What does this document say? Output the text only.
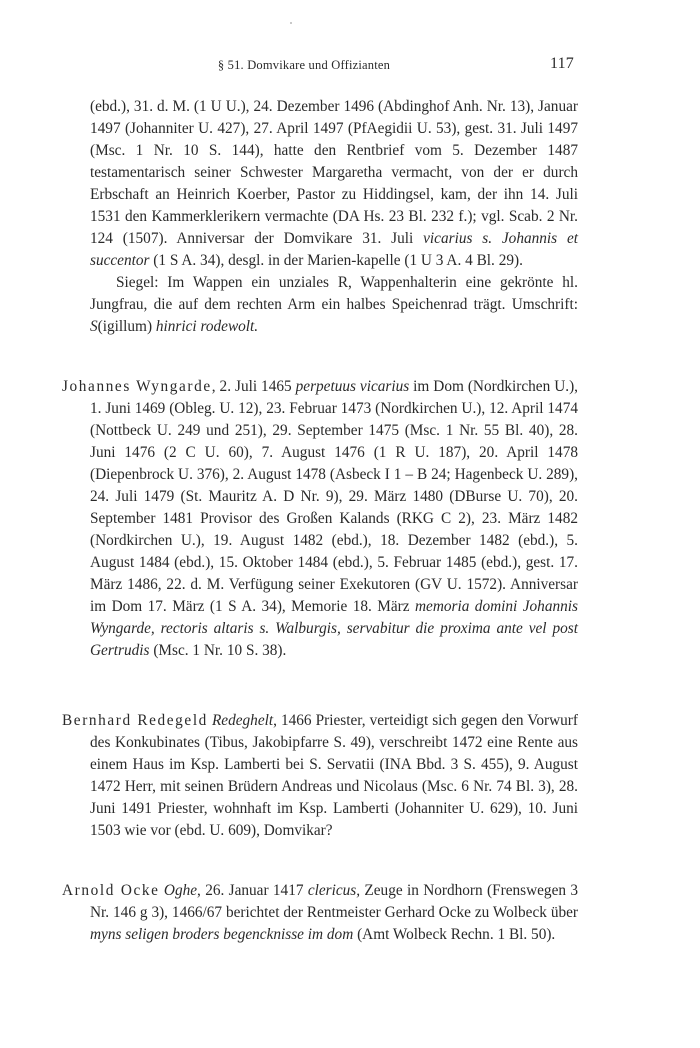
§ 51. Domvikare und Offizianten	117
(ebd.), 31. d. M. (1 U U.), 24. Dezember 1496 (Abdinghof Anh. Nr. 13), Januar 1497 (Johanniter U. 427), 27. April 1497 (PfAegidii U. 53), gest. 31. Juli 1497 (Msc. 1 Nr. 10 S. 144), hatte den Rentbrief vom 5. Dezember 1487 testamentarisch seiner Schwester Margaretha vermacht, von der er durch Erbschaft an Heinrich Koerber, Pastor zu Hiddingsel, kam, der ihn 14. Juli 1531 den Kammerklerikern vermachte (DA Hs. 23 Bl. 232 f.); vgl. Scab. 2 Nr. 124 (1507). Anniversar der Domvikare 31. Juli vicarius s. Johannis et succentor (1 S A. 34), desgl. in der Marien-kapelle (1 U 3 A. 4 Bl. 29).
Siegel: Im Wappen ein unziales R, Wappenhalterin eine gekrönte hl. Jungfrau, die auf dem rechten Arm ein halbes Speichenrad trägt. Umschrift: S(igillum) hinrici rodewolt.
Johannes Wyngarde, 2. Juli 1465 perpetuus vicarius im Dom (Nordkirchen U.), 1. Juni 1469 (Obleg. U. 12), 23. Februar 1473 (Nordkirchen U.), 12. April 1474 (Nottbeck U. 249 und 251), 29. September 1475 (Msc. 1 Nr. 55 Bl. 40), 28. Juni 1476 (2 C U. 60), 7. August 1476 (1 R U. 187), 20. April 1478 (Diepenbrock U. 376), 2. August 1478 (Asbeck I 1 – B 24; Hagenbeck U. 289), 24. Juli 1479 (St. Mauritz A. D Nr. 9), 29. März 1480 (DBurse U. 70), 20. September 1481 Provisor des Großen Kalands (RKG C 2), 23. März 1482 (Nordkirchen U.), 19. August 1482 (ebd.), 18. Dezember 1482 (ebd.), 5. August 1484 (ebd.), 15. Oktober 1484 (ebd.), 5. Februar 1485 (ebd.), gest. 17. März 1486, 22. d. M. Verfügung seiner Exekutoren (GV U. 1572). Anniversar im Dom 17. März (1 S A. 34), Memorie 18. März memoria domini Johannis Wyngarde, rectoris altaris s. Walburgis, servabitur die proxima ante vel post Gertrudis (Msc. 1 Nr. 10 S. 38).
Bernhard Redegeld Redeghelt, 1466 Priester, verteidigt sich gegen den Vorwurf des Konkubinates (Tibus, Jakobipfarre S. 49), verschreibt 1472 eine Rente aus einem Haus im Ksp. Lamberti bei S. Servatii (INA Bbd. 3 S. 455), 9. August 1472 Herr, mit seinen Brüdern Andreas und Nicolaus (Msc. 6 Nr. 74 Bl. 3), 28. Juni 1491 Priester, wohnhaft im Ksp. Lamberti (Johanniter U. 629), 10. Juni 1503 wie vor (ebd. U. 609), Domvikar?
Arnold Ocke Oghe, 26. Januar 1417 clericus, Zeuge in Nordhorn (Frenswegen 3 Nr. 146 g 3), 1466/67 berichtet der Rentmeister Gerhard Ocke zu Wolbeck über myns seligen broders begencknisse im dom (Amt Wolbeck Rechn. 1 Bl. 50).
